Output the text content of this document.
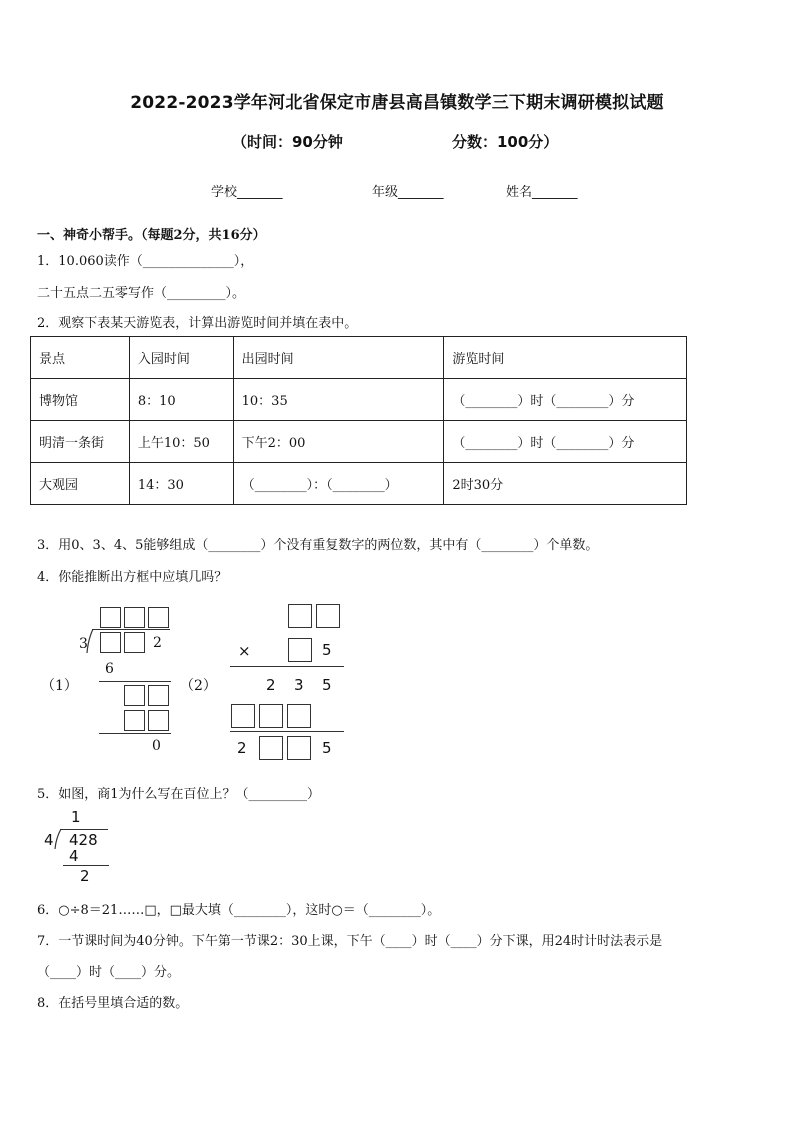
2022-2023学年河北省保定市唐县高昌镇数学三下期末调研模拟试题
（时间：90分钟	分数：100分）
学校_______	年级_______	姓名_______
一、神奇小帮手。（每题2分，共16分）
1．10.060读作（______________），
二十五点二五零写作（_________）。
2．观察下表某天游览表，计算出游览时间并填在表中。
景点	入园时间	出园时间	游览时间
博物馆	8：10	10：35	（________）时（________）分
明清一条街	上午10：50	下午2：00	（________）时（________）分
大观园	14：30	（________）：（________）	2时30分
3．用0、3、4、5能够组成（________）个没有重复数字的两位数，其中有（________）个单数。
4．你能推断出方框中应填几吗？
（1）
3	2
6
0
（2）
×	5
2 3 5
2	5
5．如图，商1为什么写在百位上？（_________）
1
4 428
4
2
6．○÷8＝21……□，□最大填（________），这时○＝（________）。
7．一节课时间为40分钟。下午第一节课2：30上课，下午（____）时（____）分下课，用24时计时法表示是
（____）时（____）分。
8．在括号里填合适的数。
